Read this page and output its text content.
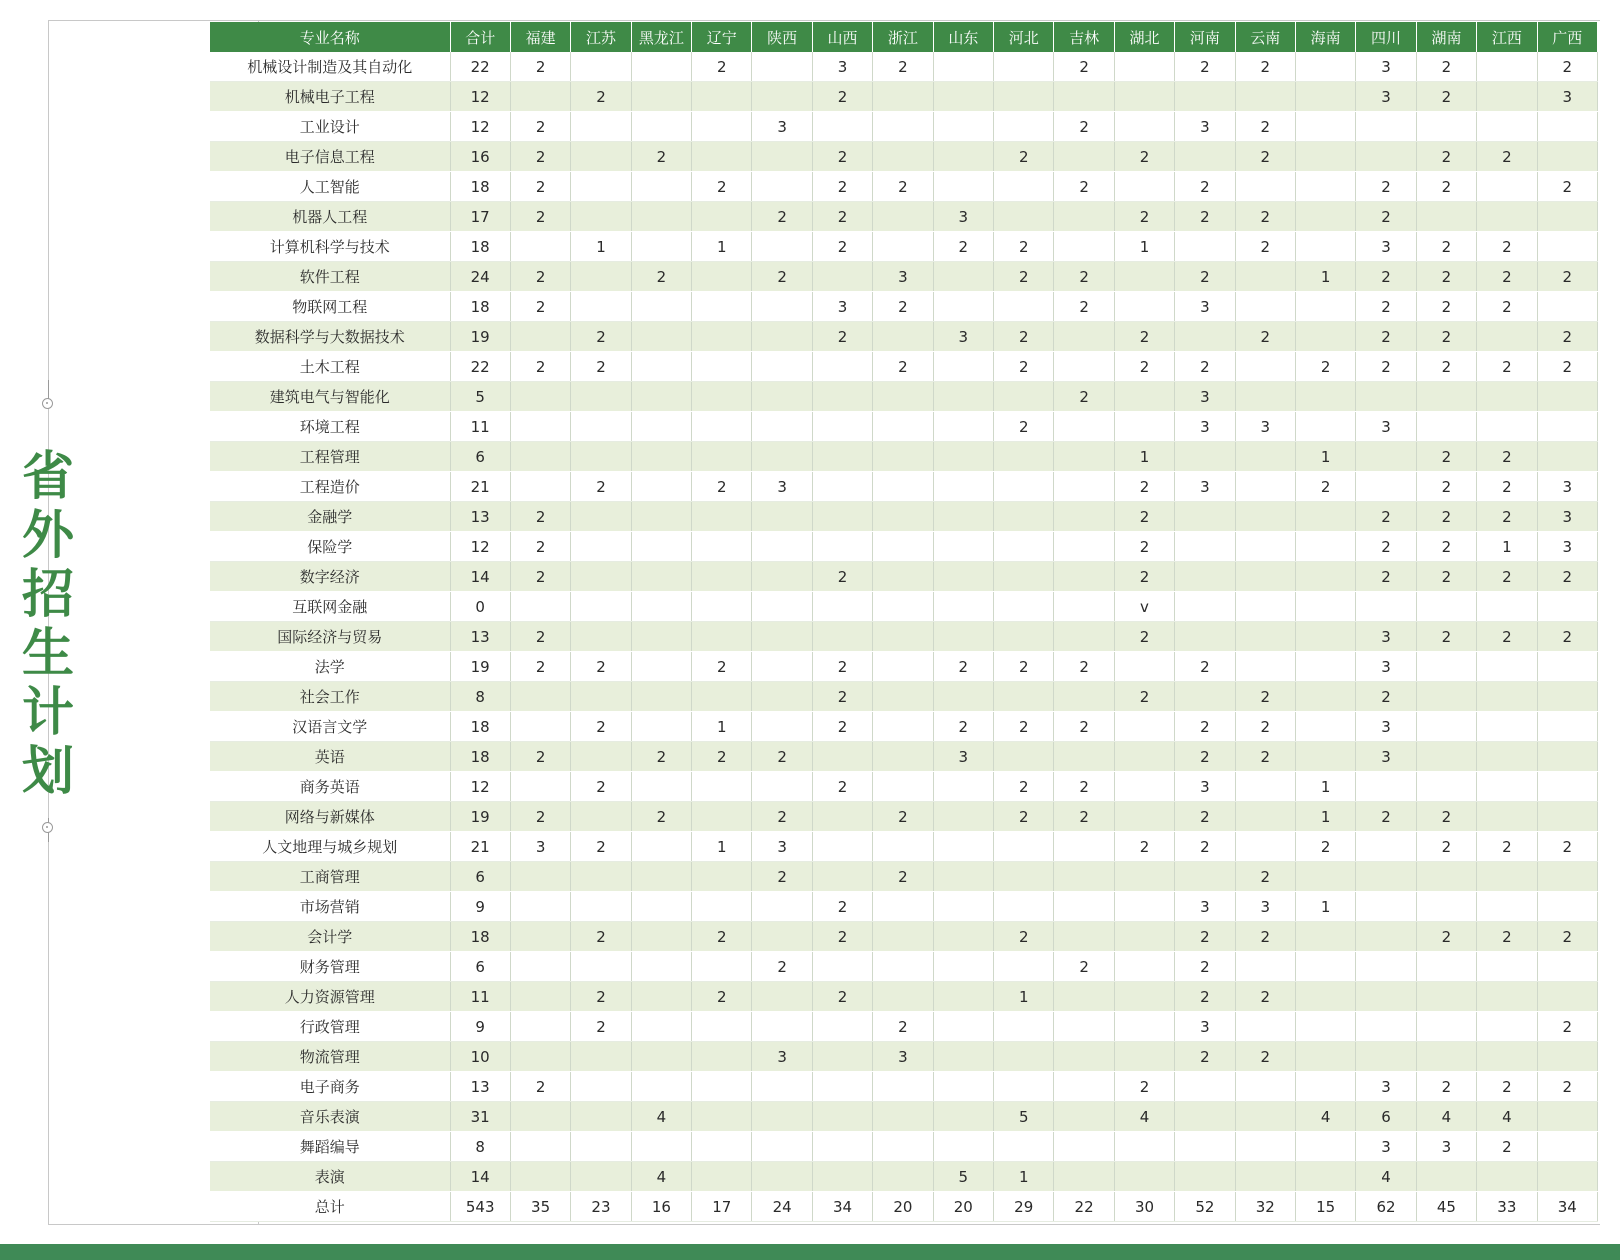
省
外
招
生
计
划
专业名称	合计	福建	江苏	黑龙江	辽宁	陕西	山西	浙江	山东	河北	吉林	湖北	河南	云南	海南	四川	湖南	江西	广西
机械设计制造及其自动化	22	2			2		3	2			2		2	2		3	2		2
机械电子工程	12		2				2									3	2		3
工业设计	12	2				3					2		3	2					
电子信息工程	16	2		2			2			2		2		2			2	2	
人工智能	18	2			2		2	2			2		2			2	2		2
机器人工程	17	2				2	2		3			2	2	2		2			
计算机科学与技术	18		1		1		2		2	2		1		2		3	2	2	
软件工程	24	2		2		2		3		2	2		2		1	2	2	2	2
物联网工程	18	2					3	2			2		3			2	2	2	
数据科学与大数据技术	19		2				2		3	2		2		2		2	2		2
土木工程	22	2	2					2		2		2	2		2	2	2	2	2
建筑电气与智能化	5										2		3						
环境工程	11									2			3	3		3			
工程管理	6											1			1		2	2	
工程造价	21		2		2	3						2	3		2		2	2	3
金融学	13	2										2				2	2	2	3
保险学	12	2										2				2	2	1	3
数字经济	14	2					2					2				2	2	2	2
互联网金融	0											v							
国际经济与贸易	13	2										2				3	2	2	2
法学	19	2	2		2		2		2	2	2		2			3			
社会工作	8						2					2		2		2			
汉语言文学	18		2		1		2		2	2	2		2	2		3			
英语	18	2		2	2	2			3				2	2		3			
商务英语	12		2				2			2	2		3		1				
网络与新媒体	19	2		2		2		2		2	2		2		1	2	2		
人文地理与城乡规划	21	3	2		1	3						2	2		2		2	2	2
工商管理	6					2		2						2					
市场营销	9						2						3	3	1				
会计学	18		2		2		2			2			2	2			2	2	2
财务管理	6					2					2		2						
人力资源管理	11		2		2		2			1			2	2					
行政管理	9		2					2					3						2
物流管理	10					3		3					2	2					
电子商务	13	2										2				3	2	2	2
音乐表演	31			4						5		4			4	6	4	4	
舞蹈编导	8															3	3	2	
表演	14			4					5	1						4			
总计	543	35	23	16	17	24	34	20	20	29	22	30	52	32	15	62	45	33	34
